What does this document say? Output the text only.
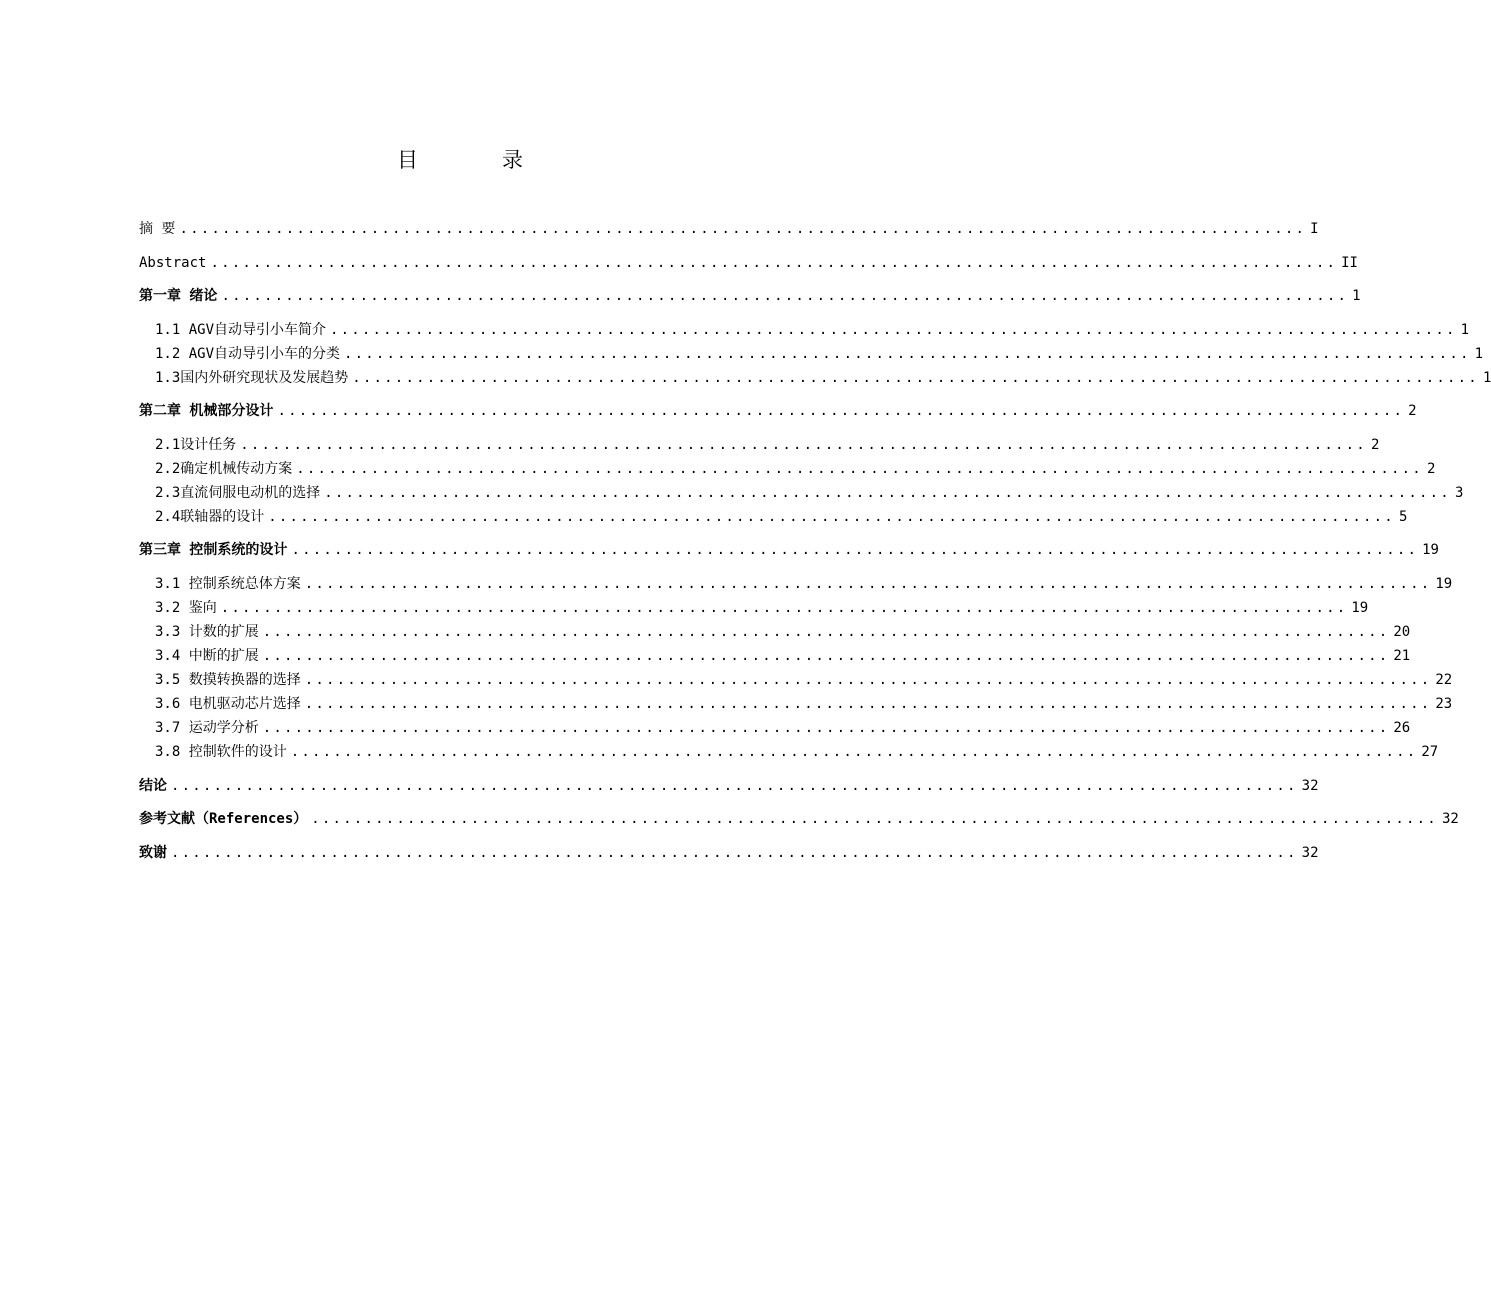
目　　　　录
摘 要 .......................................................................................................... I
Abstract .......................................................................................................... II
第一章 绪论 .......................................................................................................... 1
1.1 AGV自动导引小车简介 .......................................................................................................... 1
1.2 AGV自动导引小车的分类 .......................................................................................................... 1
1.3国内外研究现状及发展趋势 .......................................................................................................... 1
第二章 机械部分设计 .......................................................................................................... 2
2.1设计任务 .......................................................................................................... 2
2.2确定机械传动方案 .......................................................................................................... 2
2.3直流伺服电动机的选择 .......................................................................................................... 3
2.4联轴器的设计 .......................................................................................................... 5
第三章 控制系统的设计 .......................................................................................................... 19
3.1 控制系统总体方案 .......................................................................................................... 19
3.2 鉴向 .......................................................................................................... 19
3.3 计数的扩展 .......................................................................................................... 20
3.4 中断的扩展 .......................................................................................................... 21
3.5 数摸转换器的选择 .......................................................................................................... 22
3.6 电机驱动芯片选择 .......................................................................................................... 23
3.7 运动学分析 .......................................................................................................... 26
3.8 控制软件的设计 .......................................................................................................... 27
结论 .......................................................................................................... 32
参考文献（References） .......................................................................................................... 32
致谢 .......................................................................................................... 32
